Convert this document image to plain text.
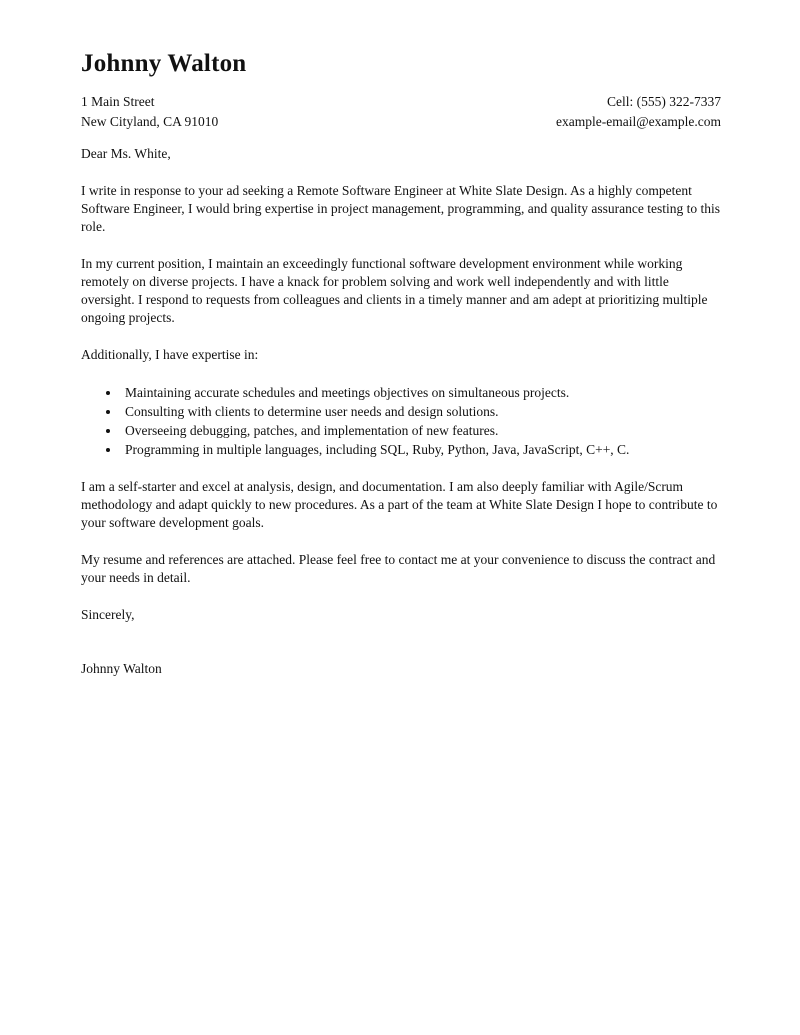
Johnny Walton
1 Main Street
New Cityland, CA 91010
Cell: (555) 322-7337
example-email@example.com

Dear Ms. White,

I write in response to your ad seeking a Remote Software Engineer at White Slate Design. As a highly competent Software Engineer, I would bring expertise in project management, programming, and quality assurance testing to this role.

In my current position, I maintain an exceedingly functional software development environment while working remotely on diverse projects. I have a knack for problem solving and work well independently and with little oversight. I respond to requests from colleagues and clients in a timely manner and am adept at prioritizing multiple ongoing projects.

Additionally, I have expertise in:

• Maintaining accurate schedules and meetings objectives on simultaneous projects.
• Consulting with clients to determine user needs and design solutions.
• Overseeing debugging, patches, and implementation of new features.
• Programming in multiple languages, including SQL, Ruby, Python, Java, JavaScript, C++, C.

I am a self-starter and excel at analysis, design, and documentation. I am also deeply familiar with Agile/Scrum methodology and adapt quickly to new procedures. As a part of the team at White Slate Design I hope to contribute to your software development goals.

My resume and references are attached. Please feel free to contact me at your convenience to discuss the contract and your needs in detail.

Sincerely,

Johnny Walton
